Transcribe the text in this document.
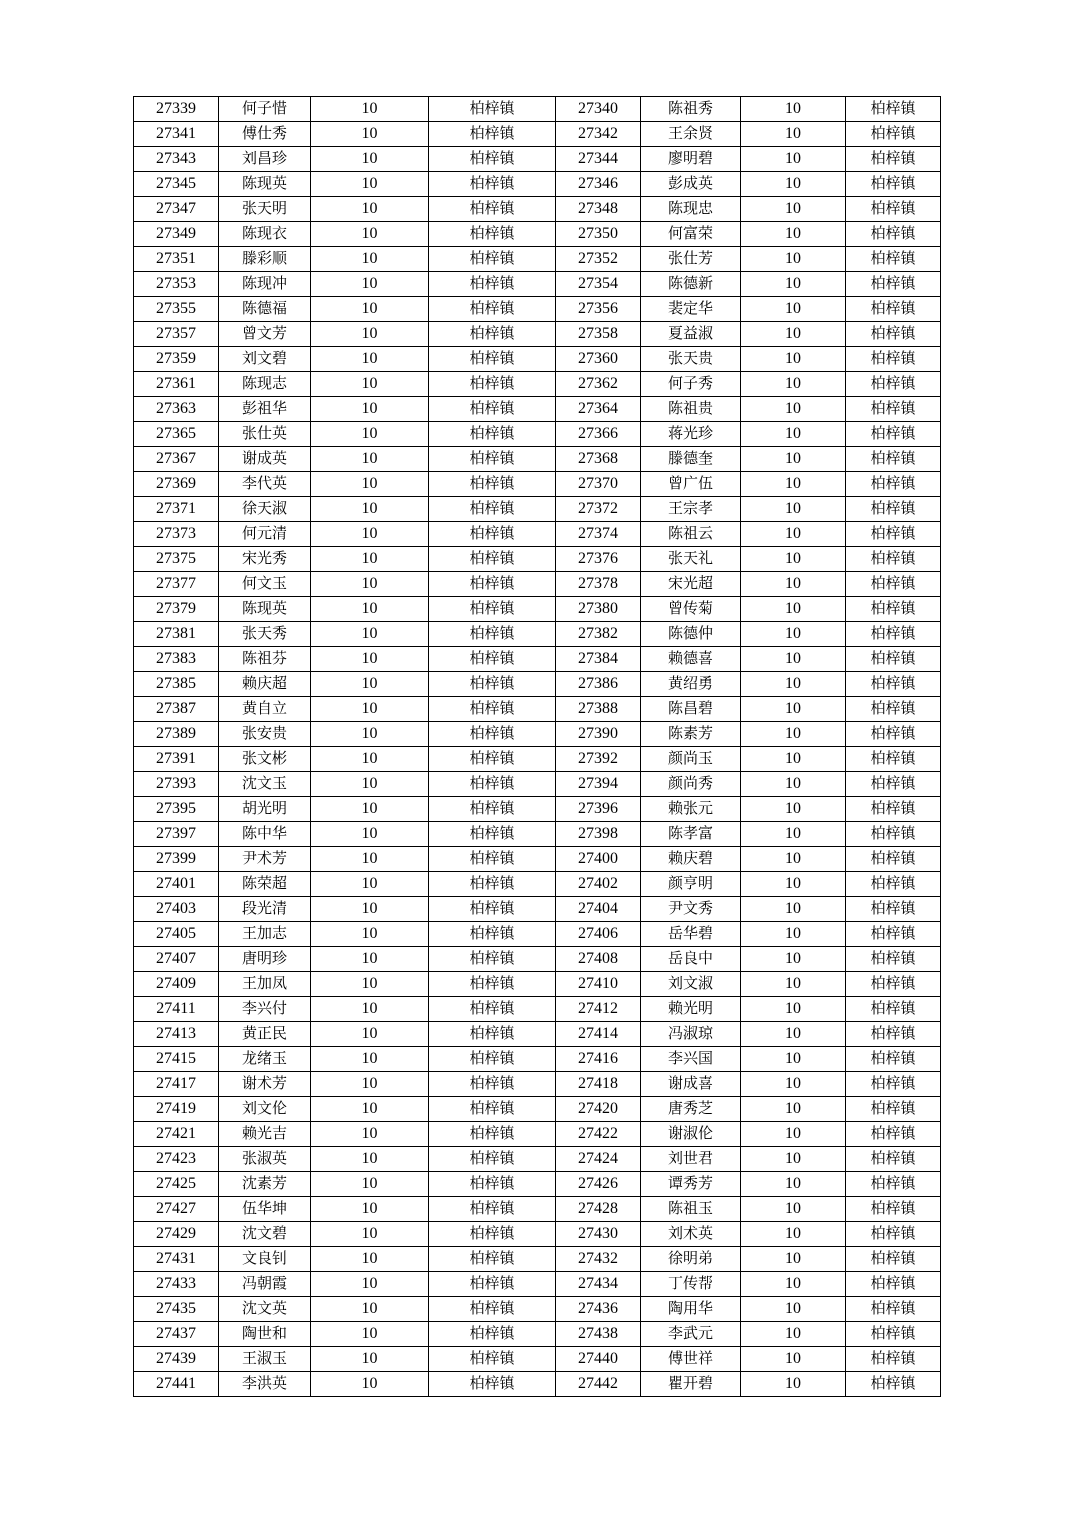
27339	何子惜	10	柏梓镇	27340	陈祖秀	10	柏梓镇
27341	傅仕秀	10	柏梓镇	27342	王余贤	10	柏梓镇
27343	刘昌珍	10	柏梓镇	27344	廖明碧	10	柏梓镇
27345	陈现英	10	柏梓镇	27346	彭成英	10	柏梓镇
27347	张天明	10	柏梓镇	27348	陈现忠	10	柏梓镇
27349	陈现衣	10	柏梓镇	27350	何富荣	10	柏梓镇
27351	滕彩顺	10	柏梓镇	27352	张仕芳	10	柏梓镇
27353	陈现冲	10	柏梓镇	27354	陈德新	10	柏梓镇
27355	陈德福	10	柏梓镇	27356	裴定华	10	柏梓镇
27357	曾文芳	10	柏梓镇	27358	夏益淑	10	柏梓镇
27359	刘文碧	10	柏梓镇	27360	张天贵	10	柏梓镇
27361	陈现志	10	柏梓镇	27362	何子秀	10	柏梓镇
27363	彭祖华	10	柏梓镇	27364	陈祖贵	10	柏梓镇
27365	张仕英	10	柏梓镇	27366	蒋光珍	10	柏梓镇
27367	谢成英	10	柏梓镇	27368	滕德奎	10	柏梓镇
27369	李代英	10	柏梓镇	27370	曾广伍	10	柏梓镇
27371	徐天淑	10	柏梓镇	27372	王宗孝	10	柏梓镇
27373	何元清	10	柏梓镇	27374	陈祖云	10	柏梓镇
27375	宋光秀	10	柏梓镇	27376	张天礼	10	柏梓镇
27377	何文玉	10	柏梓镇	27378	宋光超	10	柏梓镇
27379	陈现英	10	柏梓镇	27380	曾传菊	10	柏梓镇
27381	张天秀	10	柏梓镇	27382	陈德仲	10	柏梓镇
27383	陈祖芬	10	柏梓镇	27384	赖德喜	10	柏梓镇
27385	赖庆超	10	柏梓镇	27386	黄绍勇	10	柏梓镇
27387	黄自立	10	柏梓镇	27388	陈昌碧	10	柏梓镇
27389	张安贵	10	柏梓镇	27390	陈素芳	10	柏梓镇
27391	张文彬	10	柏梓镇	27392	颜尚玉	10	柏梓镇
27393	沈文玉	10	柏梓镇	27394	颜尚秀	10	柏梓镇
27395	胡光明	10	柏梓镇	27396	赖张元	10	柏梓镇
27397	陈中华	10	柏梓镇	27398	陈孝富	10	柏梓镇
27399	尹术芳	10	柏梓镇	27400	赖庆碧	10	柏梓镇
27401	陈荣超	10	柏梓镇	27402	颜亨明	10	柏梓镇
27403	段光清	10	柏梓镇	27404	尹文秀	10	柏梓镇
27405	王加志	10	柏梓镇	27406	岳华碧	10	柏梓镇
27407	唐明珍	10	柏梓镇	27408	岳良中	10	柏梓镇
27409	王加凤	10	柏梓镇	27410	刘文淑	10	柏梓镇
27411	李兴付	10	柏梓镇	27412	赖光明	10	柏梓镇
27413	黄正民	10	柏梓镇	27414	冯淑琼	10	柏梓镇
27415	龙绪玉	10	柏梓镇	27416	李兴国	10	柏梓镇
27417	谢术芳	10	柏梓镇	27418	谢成喜	10	柏梓镇
27419	刘文伦	10	柏梓镇	27420	唐秀芝	10	柏梓镇
27421	赖光吉	10	柏梓镇	27422	谢淑伦	10	柏梓镇
27423	张淑英	10	柏梓镇	27424	刘世君	10	柏梓镇
27425	沈素芳	10	柏梓镇	27426	谭秀芳	10	柏梓镇
27427	伍华坤	10	柏梓镇	27428	陈祖玉	10	柏梓镇
27429	沈文碧	10	柏梓镇	27430	刘术英	10	柏梓镇
27431	文良钊	10	柏梓镇	27432	徐明弟	10	柏梓镇
27433	冯朝霞	10	柏梓镇	27434	丁传帮	10	柏梓镇
27435	沈文英	10	柏梓镇	27436	陶用华	10	柏梓镇
27437	陶世和	10	柏梓镇	27438	李武元	10	柏梓镇
27439	王淑玉	10	柏梓镇	27440	傅世祥	10	柏梓镇
27441	李洪英	10	柏梓镇	27442	瞿开碧	10	柏梓镇
